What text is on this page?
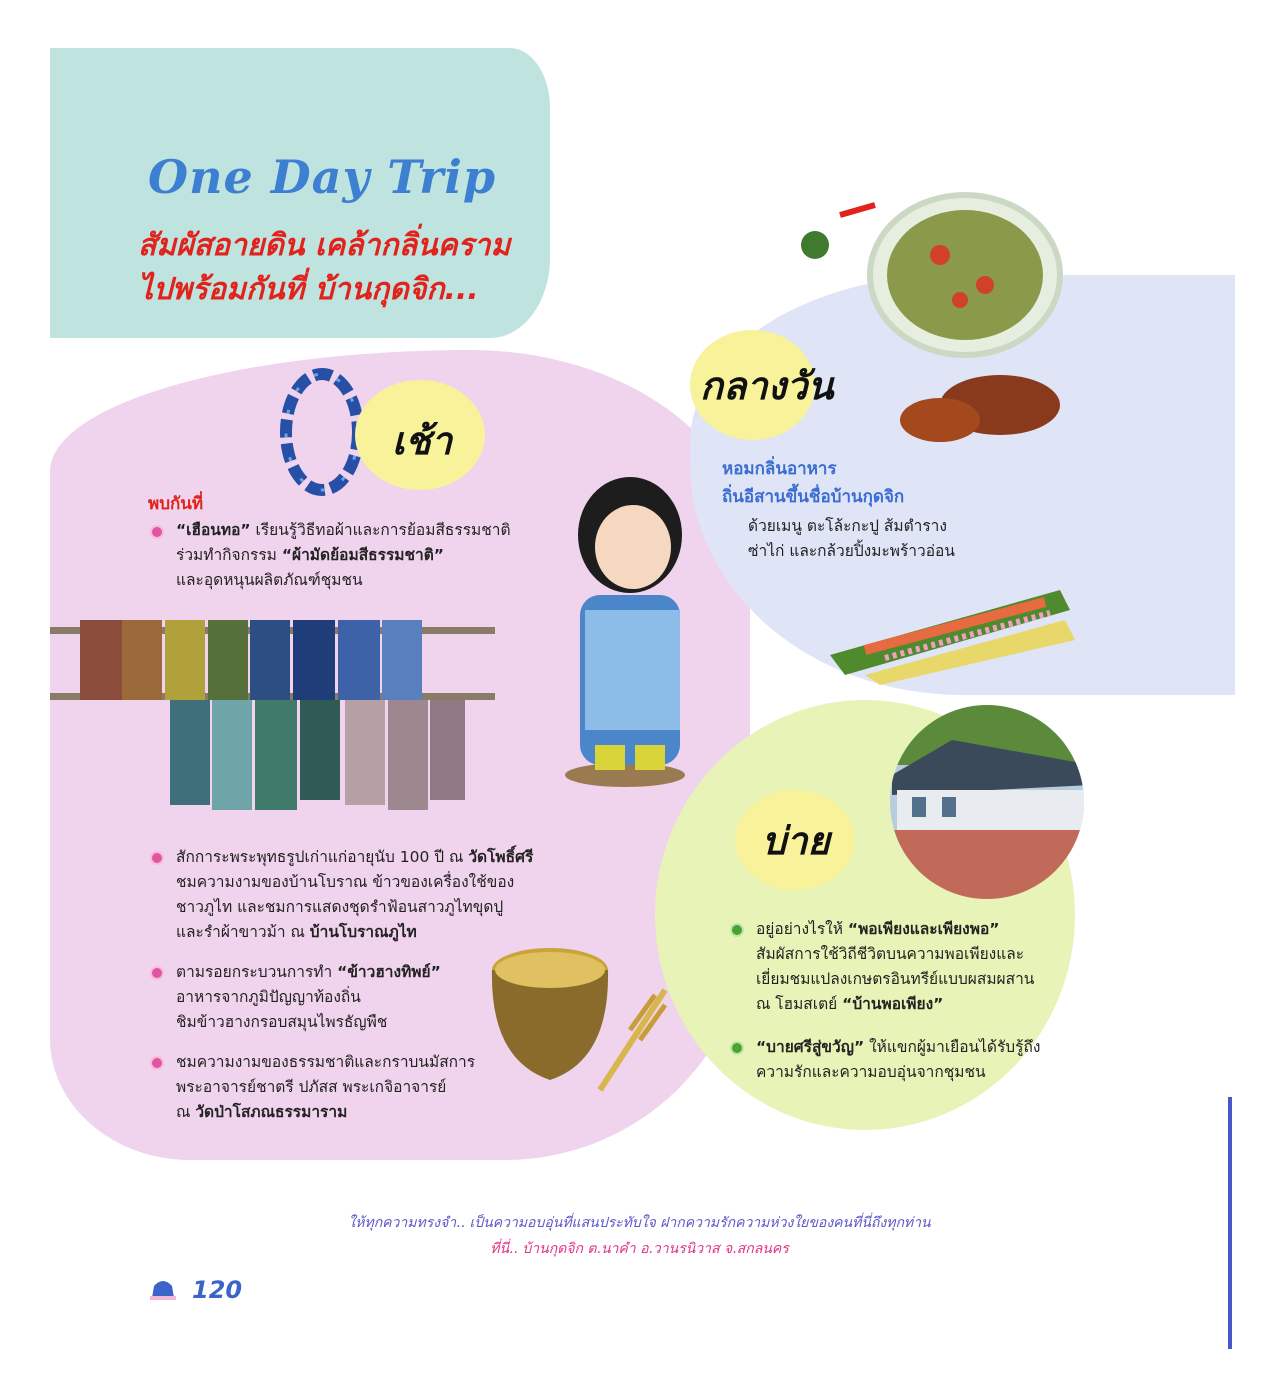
One Day Trip
สัมผัสอายดิน เคล้ากลิ่นคราม
ไปพร้อมกันที่ บ้านกุดจิก...
เช้า
พบกันที่
“เฮือนทอ” เรียนรู้วิธีทอผ้าและการย้อมสีธรรมชาติ
ร่วมทำกิจกรรม “ผ้ามัดย้อมสีธรรมชาติ”
และอุดหนุนผลิตภัณฑ์ชุมชน
สักการะพระพุทธรูปเก่าแก่อายุนับ 100 ปี ณ วัดโพธิ์ศรี
ชมความงามของบ้านโบราณ ข้าวของเครื่องใช้ของ
ชาวภูไท และชมการแสดงชุดรำฟ้อนสาวภูไทขุดปู
และรำผ้าขาวม้า ณ บ้านโบราณภูไท
ตามรอยกระบวนการทำ “ข้าวฮางทิพย์”
อาหารจากภูมิปัญญาท้องถิ่น
ชิมข้าวฮางกรอบสมุนไพรธัญพืช
ชมความงามของธรรมชาติและกราบนมัสการ
พระอาจารย์ชาตรี ปภัสส พระเกจิอาจารย์
ณ วัดป่าโสภณธรรมาราม
กลางวัน
หอมกลิ่นอาหาร
ถิ่นอีสานขึ้นชื่อบ้านกุดจิก
ด้วยเมนู ตะโล้ะกะปู ส้มตำราง
ซ่าไก่ และกล้วยปิ้งมะพร้าวอ่อน
บ่าย
อยู่อย่างไรให้ “พอเพียงและเพียงพอ”
สัมผัสการใช้วิถีชีวิตบนความพอเพียงและ
เยี่ยมชมแปลงเกษตรอินทรีย์แบบผสมผสาน
ณ โฮมสเตย์ “บ้านพอเพียง”
“บายศรีสู่ขวัญ” ให้แขกผู้มาเยือนได้รับรู้ถึง
ความรักและความอบอุ่นจากชุมชน
ให้ทุกความทรงจำ.. เป็นความอบอุ่นที่แสนประทับใจ ฝากความรักความห่วงใยของคนที่นี่ถึงทุกท่าน
ที่นี่.. บ้านกุดจิก ต.นาคำ อ.วานรนิวาส จ.สกลนคร
120
